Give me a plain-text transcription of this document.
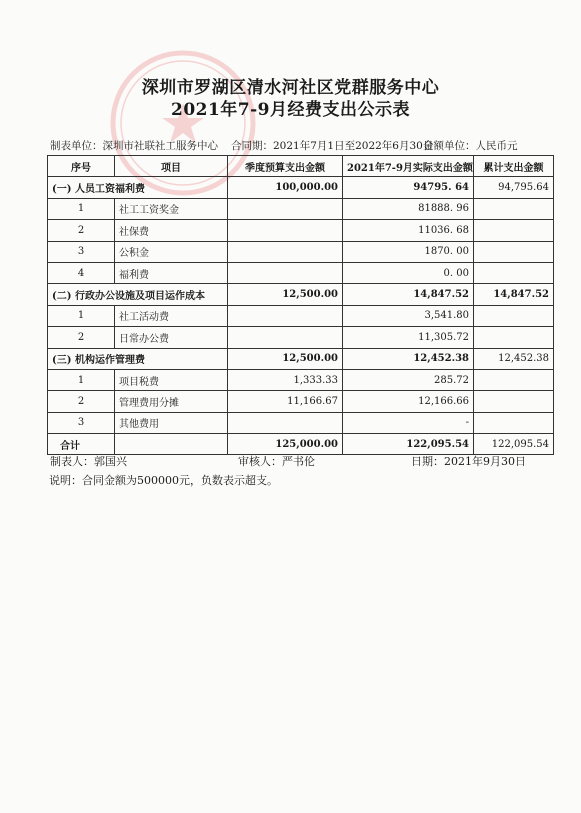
深圳市罗湖区清水河社区党群服务中心
2021年7-9月经费支出公示表
制表单位：深圳市社联社工服务中心 合同期：2021年7月1日至2022年6月30日
金额单位：人民币元
序号	项目	季度预算支出金额	2021年7-9月实际支出金额	累计支出金额
(一) 人员工资福利费		100,000.00	94795. 64	94,795.64
1	社工工资奖金		81888. 96	
2	社保费		11036. 68	
3	公积金		1870. 00	
4	福利费		0. 00	
(二) 行政办公设施及项目运作成本		12,500.00	14,847.52	14,847.52
1	社工活动费		3,541.80	
2	日常办公费		11,305.72	
(三) 机构运作管理费		12,500.00	12,452.38	12,452.38
1	项目税费	1,333.33	285.72	
2	管理费用分摊	11,166.67	12,166.66	
3	其他费用		-	
合计		125,000.00	122,095.54	122,095.54
制表人：郭国兴	审核人：严书伦	日期：2021年9月30日
说明：合同金额为500000元，负数表示超支。
